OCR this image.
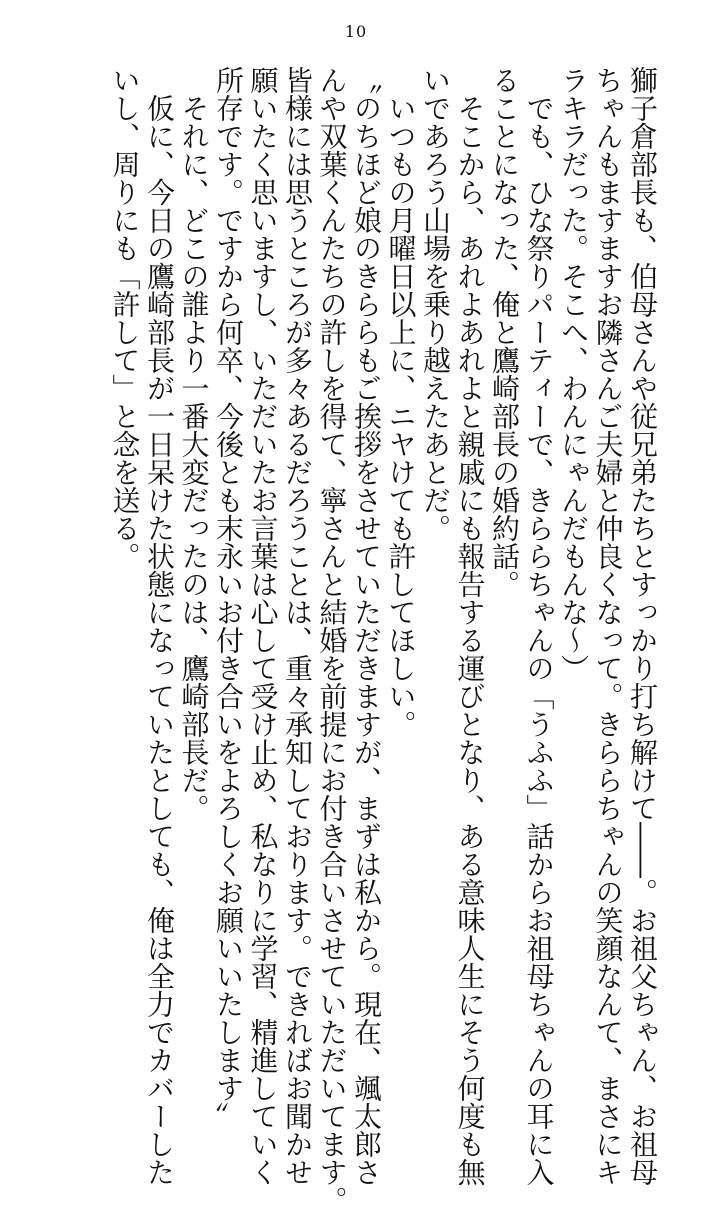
10
獅子倉部長も、伯母さんや従兄弟たちとすっかり打ち解けて――。お祖父ちゃん、お祖母
ちゃんもますますお隣さんご夫婦と仲良くなって。きららちゃんの笑顔なんて、まさにキ
ラキラだった。そこへ、わんにゃんだもんな～）
　でも、ひな祭りパーティーで、きららちゃんの「うふふ」話からお祖母ちゃんの耳に入
ることになった、俺と鷹崎部長の婚約話。
　そこから、あれよあれよと親戚にも報告する運びとなり、ある意味人生にそう何度も無
いであろう山場を乗り越えたあとだ。
　いつもの月曜日以上に、ニヤけても許してほしい。
〝のちほど娘のきららもご挨拶をさせていただきますが、まずは私から。現在、颯太郎さ
んや双葉くんたちの許しを得て、寧さんと結婚を前提にお付き合いさせていただいてます。
皆様には思うところが多々あるだろうことは、重々承知しております。できればお聞かせ
願いたく思いますし、いただいたお言葉は心して受け止め、私なりに学習、精進していく
所存です。ですから何卒、今後とも末永いお付き合いをよろしくお願いいたします〟
　それに、どこの誰より一番大変だったのは、鷹崎部長だ。
　仮に、今日の鷹崎部長が一日呆けた状態になっていたとしても、俺は全力でカバーした
いし、周りにも「許して」と念を送る。
